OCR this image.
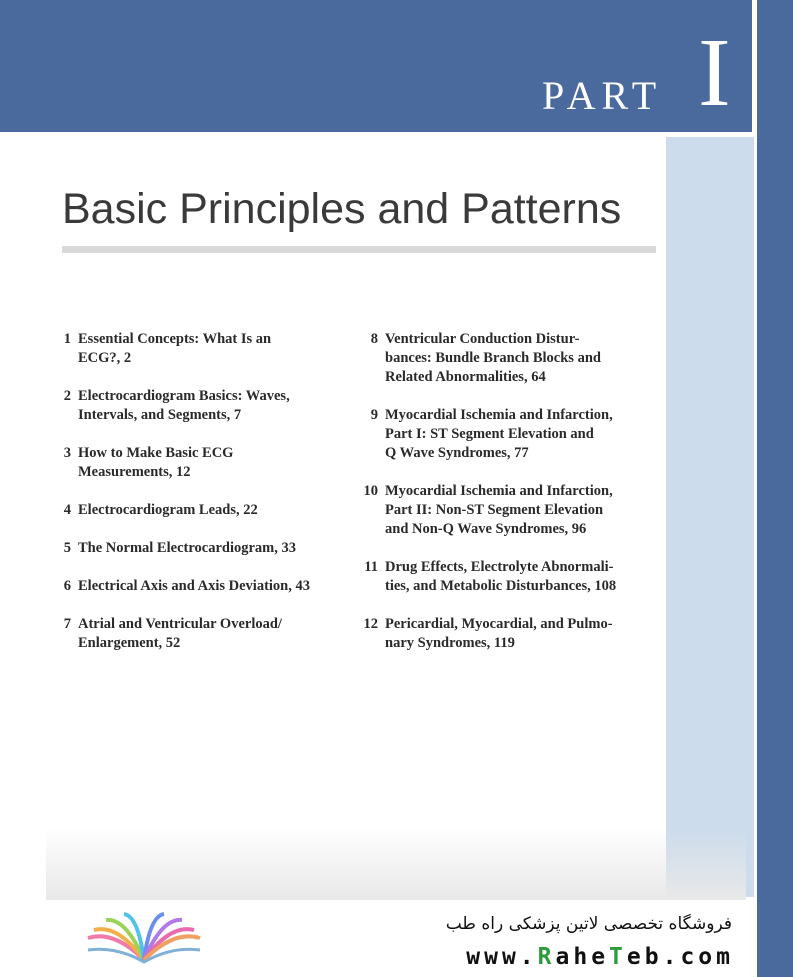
PART I
Basic Principles and Patterns
1 Essential Concepts: What Is an
ECG?, 2
2 Electrocardiogram Basics: Waves,
Intervals, and Segments, 7
3 How to Make Basic ECG
Measurements, 12
4 Electrocardiogram Leads, 22
5 The Normal Electrocardiogram, 33
6 Electrical Axis and Axis Deviation, 43
7 Atrial and Ventricular Overload/
Enlargement, 52
8 Ventricular Conduction Distur-
bances: Bundle Branch Blocks and
Related Abnormalities, 64
9 Myocardial Ischemia and Infarction,
Part I: ST Segment Elevation and
Q Wave Syndromes, 77
10 Myocardial Ischemia and Infarction,
Part II: Non-ST Segment Elevation
and Non-Q Wave Syndromes, 96
11 Drug Effects, Electrolyte Abnormali-
ties, and Metabolic Disturbances, 108
12 Pericardial, Myocardial, and Pulmo-
nary Syndromes, 119
فروشگاه تخصصی لاتین پزشکی راه طب
www.RaheTeb.com
